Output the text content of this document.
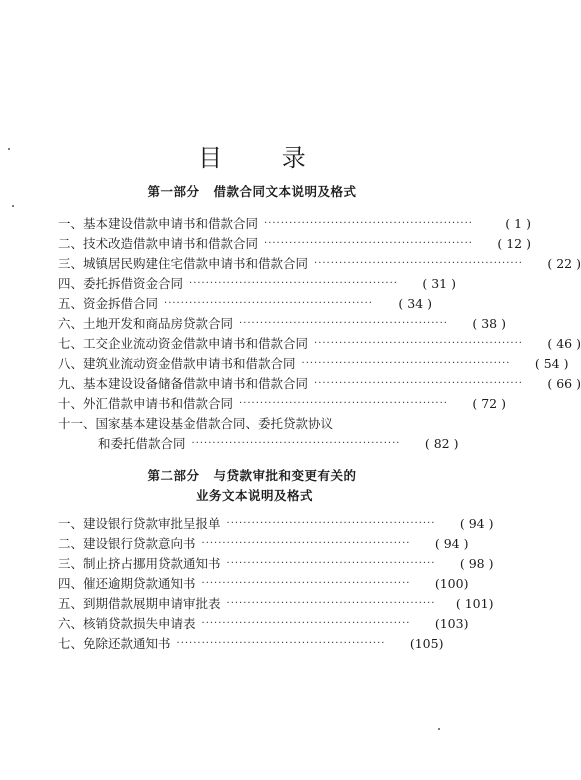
目 录
第一部分 借款合同文本说明及格式
一、基本建设借款申请书和借款合同 ··················································	( 1 )
二、技术改造借款申请书和借款合同 ··················································	( 12 )
三、城镇居民购建住宅借款申请书和借款合同 ··················································	( 22 )
四、委托拆借资金合同 ··················································	( 31 )
五、资金拆借合同 ··················································	( 34 )
六、土地开发和商品房贷款合同 ··················································	( 38 )
七、工交企业流动资金借款申请书和借款合同 ··················································	( 46 )
八、建筑业流动资金借款申请书和借款合同 ··················································	( 54 )
九、基本建设设备储备借款申请书和借款合同 ··················································	( 66 )
十、外汇借款申请书和借款合同 ··················································	( 72 )
十一、国家基本建设基金借款合同、委托贷款协议
和委托借款合同 ··················································	( 82 )
第二部分 与贷款审批和变更有关的
业务文本说明及格式
一、建设银行贷款审批呈报单 ··················································	( 94 )
二、建设银行贷款意向书 ··················································	( 94 )
三、制止挤占挪用贷款通知书 ··················································	( 98 )
四、催还逾期贷款通知书 ··················································	(100)
五、到期借款展期申请审批表 ··················································	( 101)
六、核销贷款损失申请表 ··················································	(103)
七、免除还款通知书 ··················································	(105)
